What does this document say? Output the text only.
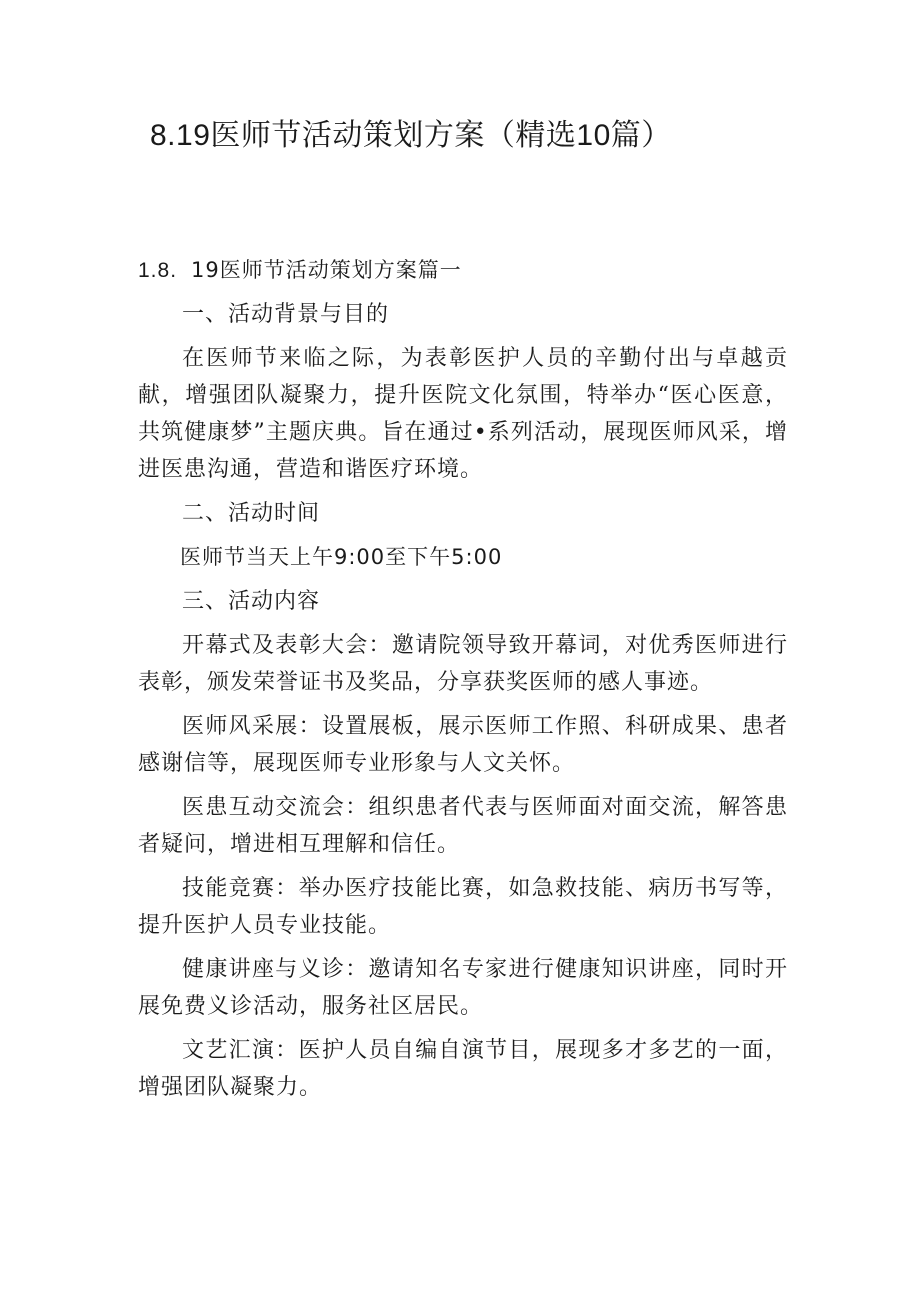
8.19医师节活动策划方案（精选10篇）

1.8. 19医师节活动策划方案篇一

一、活动背景与目的

在医师节来临之际，为表彰医护人员的辛勤付出与卓越贡献，增强团队凝聚力，提升医院文化氛围，特举办“医心医意，共筑健康梦”主题庆典。旨在通过•系列活动，展现医师风采，增进医患沟通，营造和谐医疗环境。

二、活动时间

医师节当天上午9:00至下午5:00

三、活动内容

开幕式及表彰大会：邀请院领导致开幕词，对优秀医师进行表彰，颁发荣誉证书及奖品，分享获奖医师的感人事迹。

医师风采展：设置展板，展示医师工作照、科研成果、患者感谢信等，展现医师专业形象与人文关怀。

医患互动交流会：组织患者代表与医师面对面交流，解答患者疑问，增进相互理解和信任。

技能竞赛：举办医疗技能比赛，如急救技能、病历书写等，提升医护人员专业技能。

健康讲座与义诊：邀请知名专家进行健康知识讲座，同时开展免费义诊活动，服务社区居民。

文艺汇演：医护人员自编自演节目，展现多才多艺的一面，增强团队凝聚力。
